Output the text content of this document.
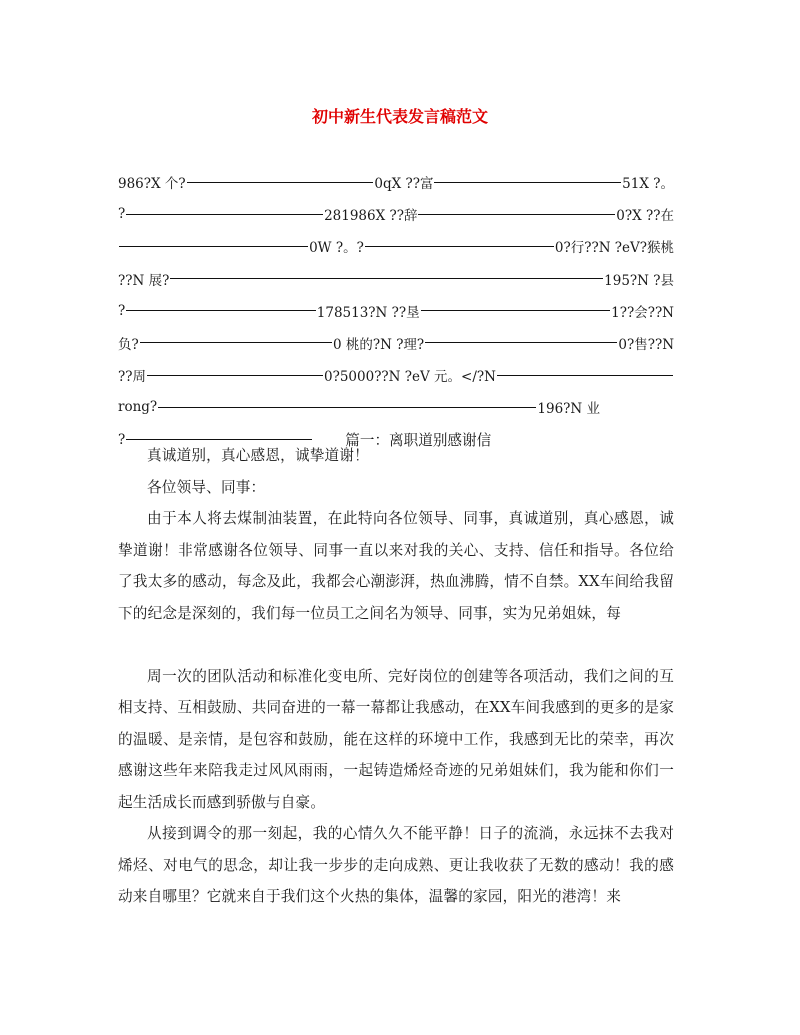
初中新生代表发言稿范文
986?X 个?	0qX ??富	51X ?。
?	281986X ??辞	0?X ??在
0W ?。?	0?行??N ?eV?猴桃
??N 展?	195?N ?县
?	178513?N ??垦	1??会??N
负?	0 桃的?N ?理?	0?售??N
??周	0?5000??N ?eV 元。</?N
rong?	196?N 业
?	篇一：离职道别感谢信

真诚道别，真心感恩，诚挚道谢！

各位领导、同事：

由于本人将去煤制油装置，在此特向各位领导、同事，真诚道别，真心感恩，诚挚道谢！非常感谢各位领导、同事一直以来对我的关心、支持、信任和指导。各位给了我太多的感动，每念及此，我都会心潮澎湃，热血沸腾，情不自禁。XX车间给我留下的纪念是深刻的，我们每一位员工之间名为领导、同事，实为兄弟姐妹，每

周一次的团队活动和标准化变电所、完好岗位的创建等各项活动，我们之间的互相支持、互相鼓励、共同奋进的一幕一幕都让我感动，在XX车间我感到的更多的是家的温暖、是亲情，是包容和鼓励，能在这样的环境中工作，我感到无比的荣幸，再次感谢这些年来陪我走过风风雨雨，一起铸造烯烃奇迹的兄弟姐妹们，我为能和你们一起生活成长而感到骄傲与自豪。

从接到调令的那一刻起，我的心情久久不能平静！日子的流淌，永远抹不去我对烯烃、对电气的思念，却让我一步步的走向成熟、更让我收获了无数的感动！我的感动来自哪里？它就来自于我们这个火热的集体，温馨的家园，阳光的港湾！来
